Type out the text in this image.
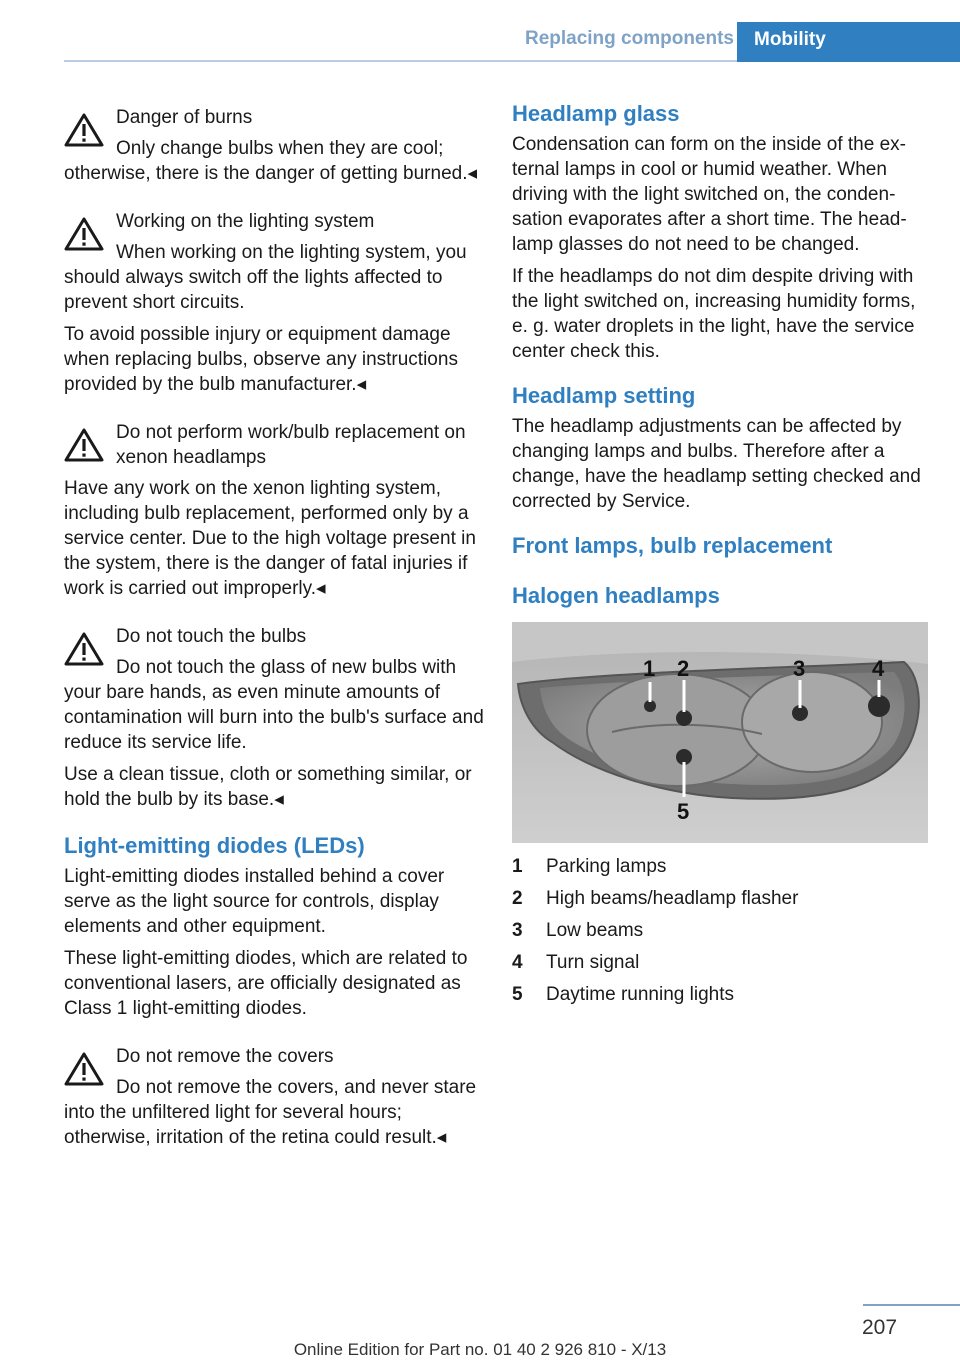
Replacing components	Mobility
Danger of burns
Only change bulbs when they are cool; otherwise, there is the danger of getting burned.◂
Working on the lighting system
When working on the lighting system, you should always switch off the lights affected to prevent short circuits.

To avoid possible injury or equipment damage when replacing bulbs, observe any instructions provided by the bulb manufacturer.◂

Do not perform work/bulb replacement on xenon headlamps

Have any work on the xenon lighting system, including bulb replacement, performed only by a service center. Due to the high voltage present in the system, there is the danger of fatal injuries if work is carried out improperly.◂

Do not touch the bulbs
Do not touch the glass of new bulbs with your bare hands, as even minute amounts of contamination will burn into the bulb's surface and reduce its service life.

Use a clean tissue, cloth or something similar, or hold the bulb by its base.◂

Light-emitting diodes (LEDs)

Light-emitting diodes installed behind a cover serve as the light source for controls, display elements and other equipment.

These light-emitting diodes, which are related to conventional lasers, are officially designated as Class 1 light-emitting diodes.

Do not remove the covers
Do not remove the covers, and never stare into the unfiltered light for several hours; otherwise, irritation of the retina could result.◂
Headlamp glass

Condensation can form on the inside of the external lamps in cool or humid weather. When driving with the light switched on, the condensation evaporates after a short time. The headlamp glasses do not need to be changed.

If the headlamps do not dim despite driving with the light switched on, increasing humidity forms, e. g. water droplets in the light, have the service center check this.

Headlamp setting

The headlamp adjustments can be affected by changing lamps and bulbs. Therefore after a change, have the headlamp setting checked and corrected by Service.

Front lamps, bulb replacement
Halogen headlamps
1 2	3	4
5
1	Parking lamps
2	High beams/headlamp flasher
3	Low beams
4	Turn signal
5	Daytime running lights
207
Online Edition for Part no. 01 40 2 926 810 - X/13
